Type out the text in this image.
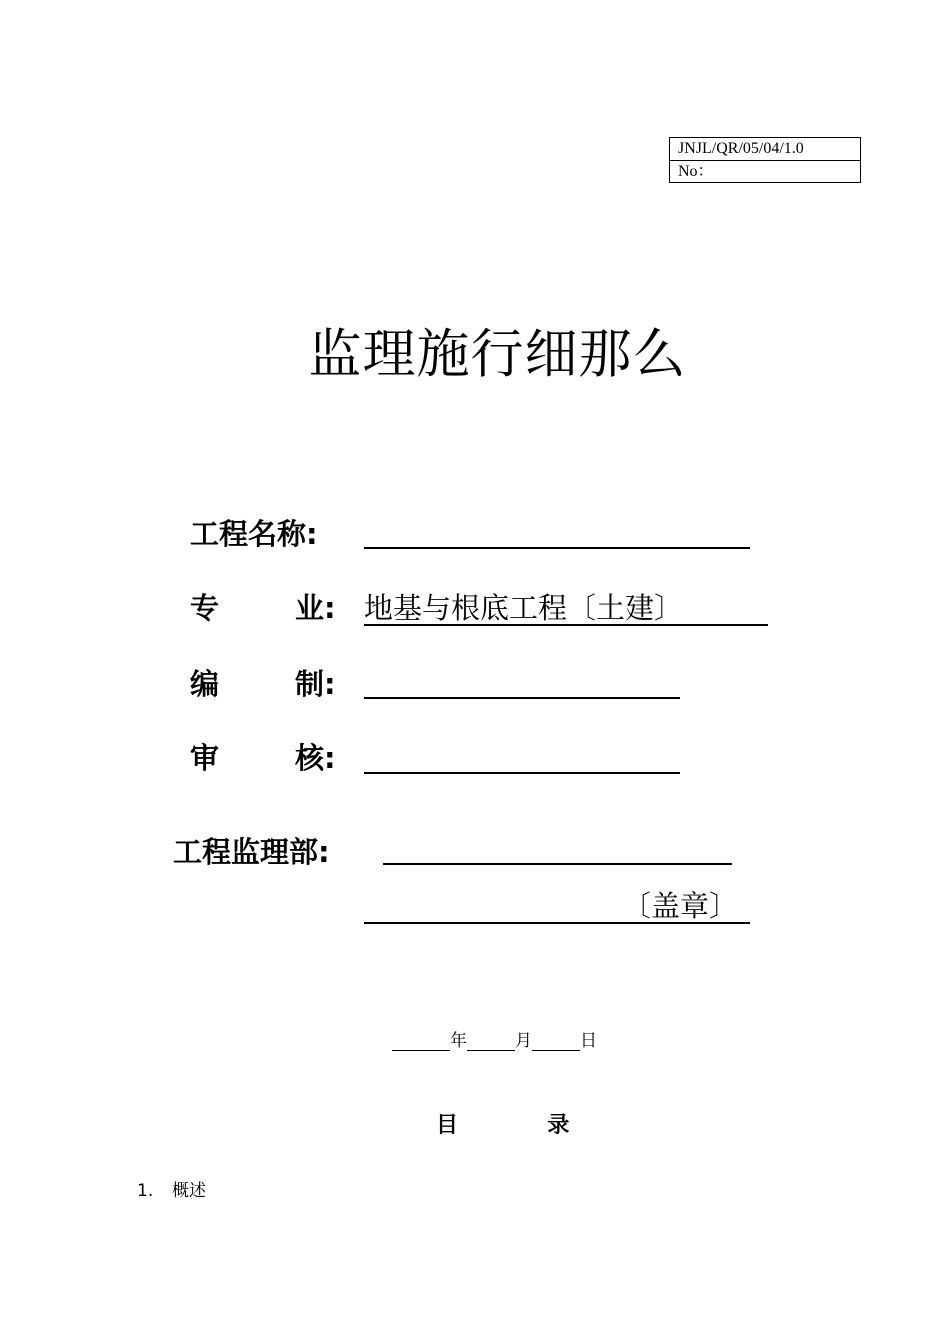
JNJL/QR/05/04/1.0
No：
监理施行细那么
工程名称:
专	业: 地基与根底工程〔土建〕
编	制:
审	核:
工程监理部:
〔盖章〕
年	月	日
目	录
1. 概述
